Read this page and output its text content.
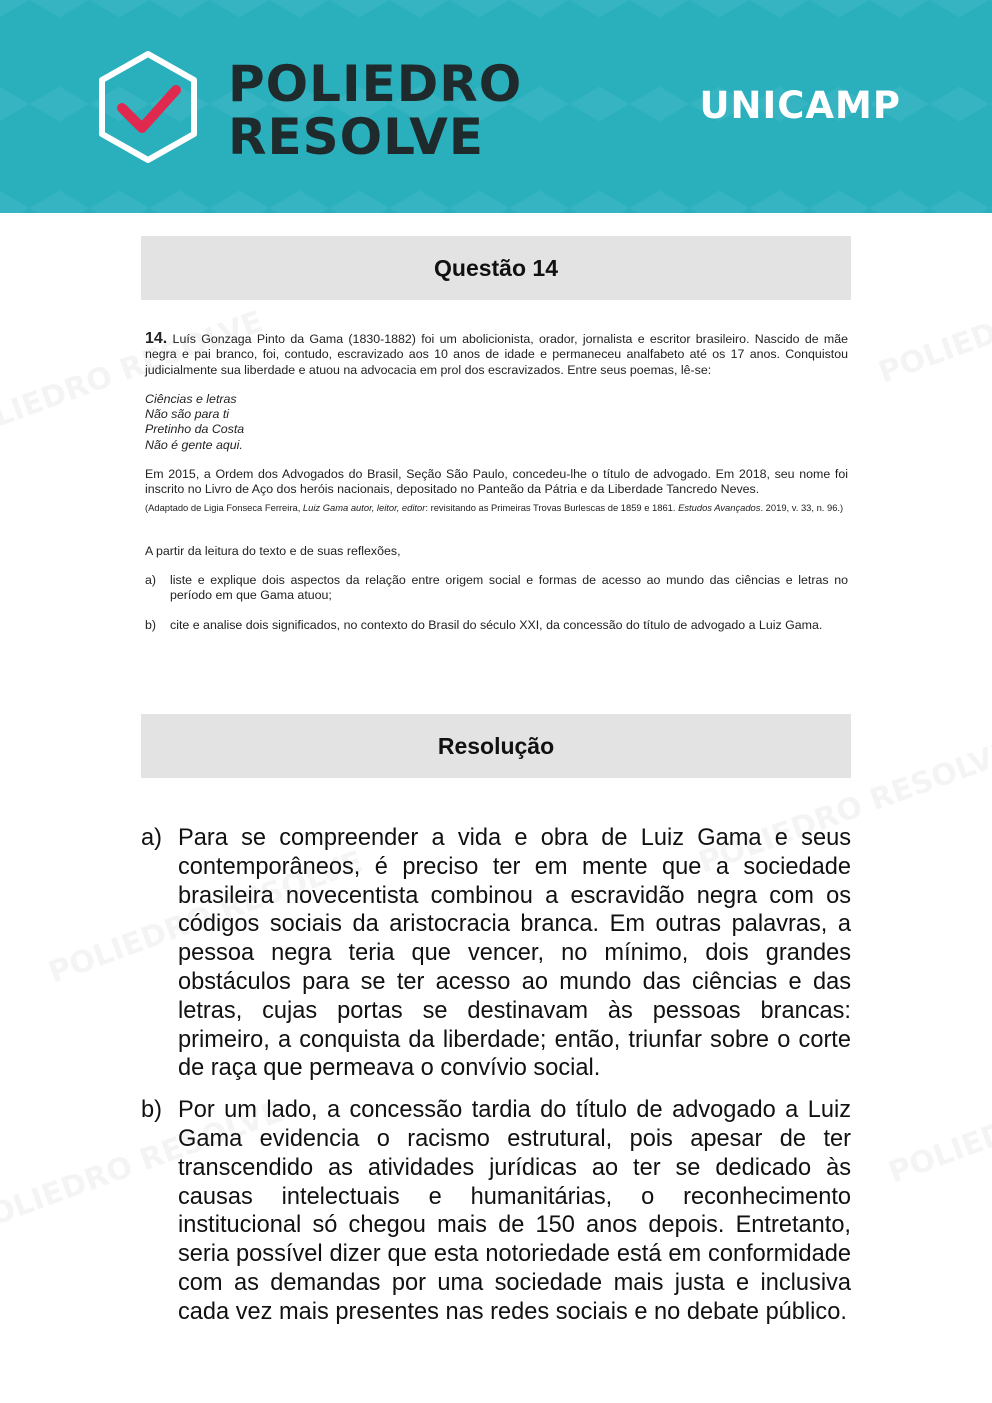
POLIEDRO
RESOLVE
UNICAMP
Questão 14

14. Luís Gonzaga Pinto da Gama (1830-1882) foi um abolicionista, orador, jornalista e escritor brasileiro. Nascido de mãe negra e pai branco, foi, contudo, escravizado aos 10 anos de idade e permaneceu analfabeto até os 17 anos. Conquistou judicialmente sua liberdade e atuou na advocacia em prol dos escravizados. Entre seus poemas, lê-se:

Ciências e letras
Não são para ti
Pretinho da Costa
Não é gente aqui.

Em 2015, a Ordem dos Advogados do Brasil, Seção São Paulo, concedeu-lhe o título de advogado. Em 2018, seu nome foi inscrito no Livro de Aço dos heróis nacionais, depositado no Panteão da Pátria e da Liberdade Tancredo Neves.

(Adaptado de Ligia Fonseca Ferreira, Luiz Gama autor, leitor, editor: revisitando as Primeiras Trovas Burlescas de 1859 e 1861. Estudos Avançados. 2019, v. 33, n. 96.)

A partir da leitura do texto e de suas reflexões,

a)	liste e explique dois aspectos da relação entre origem social e formas de acesso ao mundo das ciências e letras no período em que Gama atuou;
b)	cite e analise dois significados, no contexto do Brasil do século XXI, da concessão do título de advogado a Luiz Gama.
Resolução
a) Para se compreender a vida e obra de Luiz Gama e seus contemporâneos, é preciso ter em mente que a sociedade brasileira novecentista combinou a escravidão negra com os códigos sociais da aristocracia branca. Em outras palavras, a pessoa negra teria que vencer, no mínimo, dois grandes obstáculos para se ter acesso ao mundo das ciências e das letras, cujas portas se destinavam às pessoas brancas: primeiro, a conquista da liberdade; então, triunfar sobre o corte de raça que permeava o convívio social.
b) Por um lado, a concessão tardia do título de advogado a Luiz Gama evidencia o racismo estrutural, pois apesar de ter transcendido as atividades jurídicas ao ter se dedicado às causas intelectuais e humanitárias, o reconhecimento institucional só chegou mais de 150 anos depois. Entretanto, seria possível dizer que esta notoriedade está em conformidade com as demandas por uma sociedade mais justa e inclusiva cada vez mais presentes nas redes sociais e no debate público.
